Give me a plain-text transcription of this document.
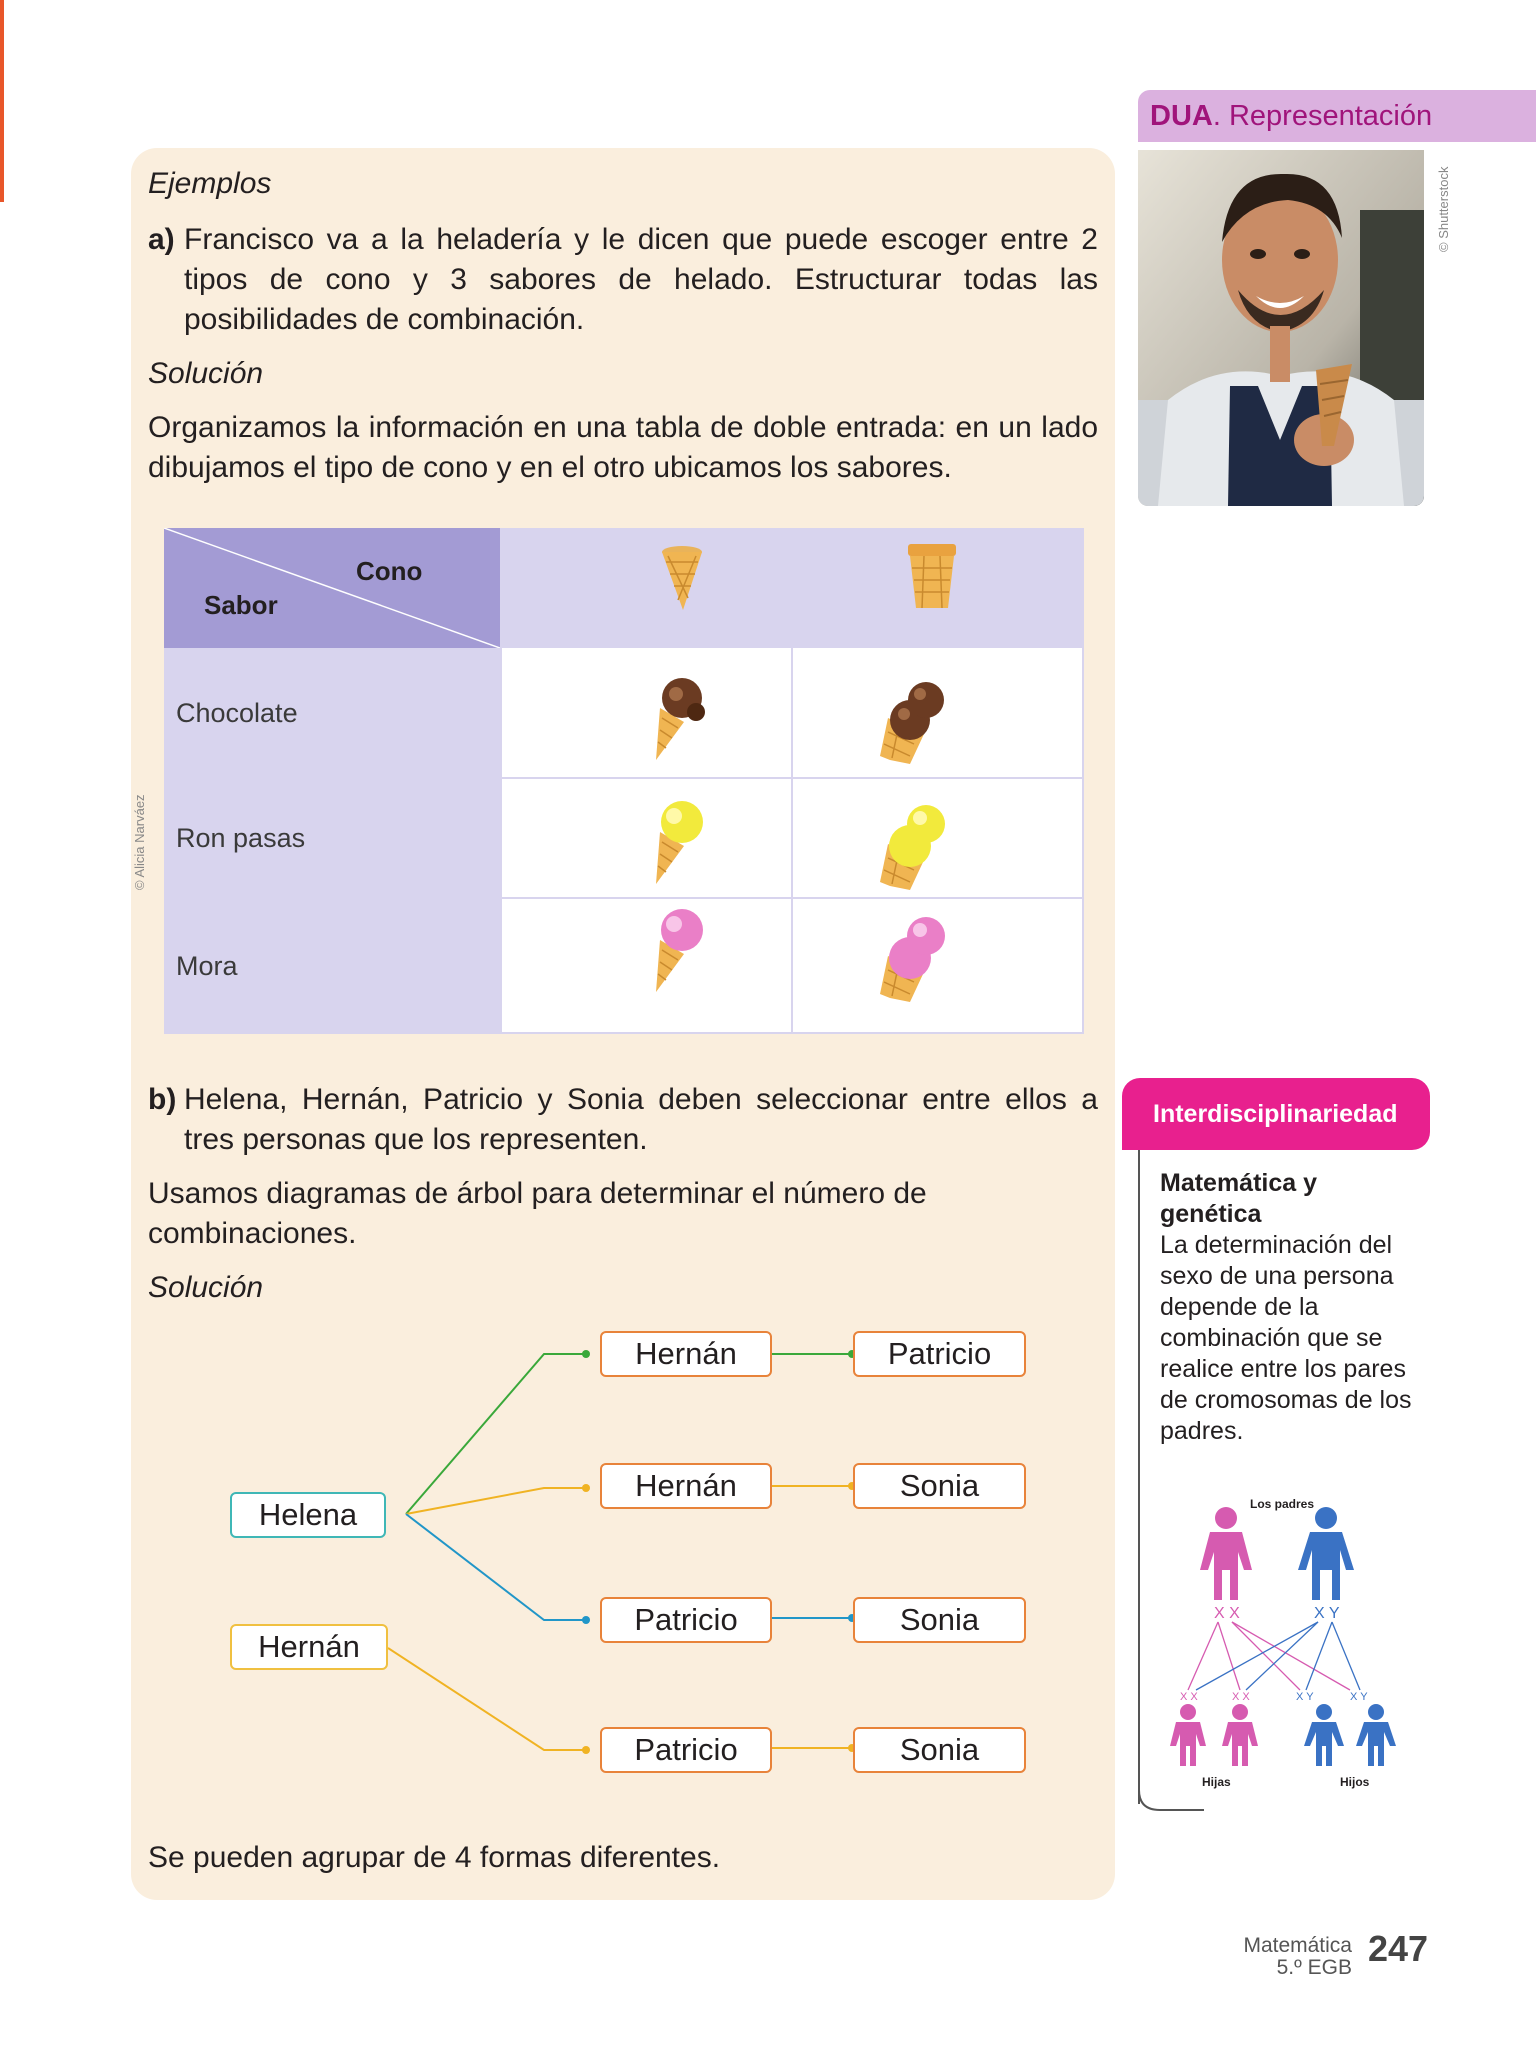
Ejemplos
a) Francisco va a la heladería y le dicen que puede escoger entre 2 tipos de cono y 3 sabores de helado. Estructurar todas las posibilidades de combinación.
Solución
Organizamos la información en una tabla de doble entrada: en un lado dibujamos el tipo de cono y en el otro ubicamos los sabores.
Cono
Sabor
Chocolate
Ron pasas
Mora
© Alicia Narváez
b) Helena, Hernán, Patricio y Sonia deben seleccionar entre ellos a tres personas que los representen.
Usamos diagramas de árbol para determinar el número de combinaciones.
Solución
Helena
Hernán
Hernán	Patricio
Hernán	Sonia
Patricio	Sonia
Patricio	Sonia
Se pueden agrupar de 4 formas diferentes.
DUA. Representación
© Shutterstock
Interdisciplinariedad
Matemática y genética
La determinación del sexo de una persona depende de la combinación que se realice entre los pares de cromosomas de los padres.
Los padres
X X	X Y
X X	X X	X Y	X Y
Hijas	Hijos
Matemática
5.º EGB 247
